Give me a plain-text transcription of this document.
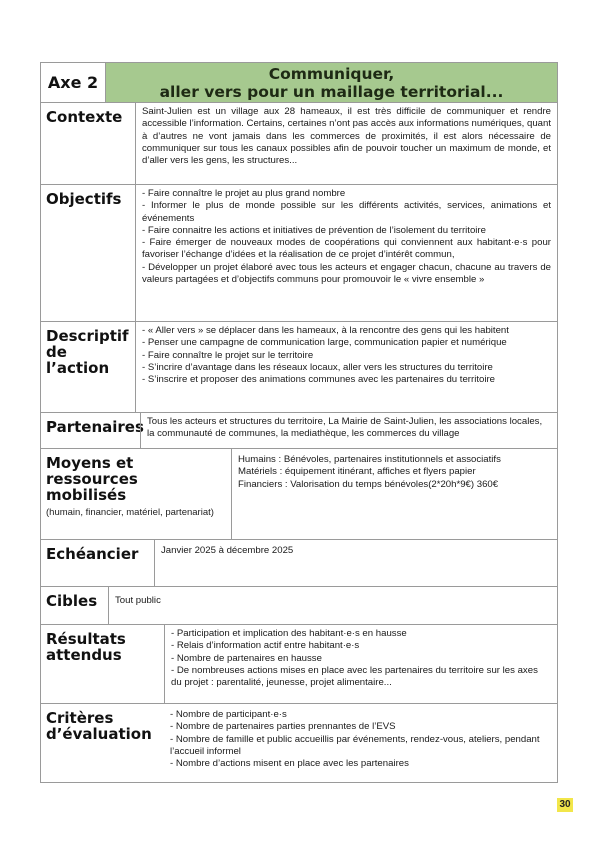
Axe 2	Communiquer,
aller vers pour un maillage territorial...
Contexte	Saint-Julien est un village aux 28 hameaux, il est très difficile de communiquer et rendre accessible l’information. Certains, certaines n’ont pas accès aux informations numériques, quant à d’autres ne vont jamais dans les commerces de proximités, il est alors nécessaire de communiquer sur tous les canaux possibles afin de pouvoir toucher un maximum de monde, et d’aller vers les gens, les structures...
Objectifs	- Faire connaître le projet au plus grand nombre
- Informer le plus de monde possible sur les différents activités, services, animations et événements
- Faire connaitre les actions et initiatives de prévention de l’isolement du territoire
- Faire émerger de nouveaux modes de coopérations qui conviennent aux habitant·e·s pour favoriser l’échange d’idées et la réalisation de ce projet d’intérêt commun,
- Développer un projet élaboré avec tous les acteurs et engager chacun, chacune au travers de valeurs partagées et d’objectifs communs pour promouvoir le « vivre ensemble »
Descriptif
de l’action
- « Aller vers » se déplacer dans les hameaux, à la rencontre des gens qui les habitent
- Penser une campagne de communication large, communication papier et numérique
- Faire connaître le projet sur le territoire
- S’incrire d’avantage dans les réseaux locaux, aller vers les structures du territoire
- S’inscrire et proposer des animations communes avec les partenaires du territoire
Partenaires Tous les acteurs et structures du territoire, La Mairie de Saint-Julien, les associations locales, la communauté de communes, la mediathèque, les commerces du village
Moyens et ressources
mobilisés
(humain, financier, matériel, partenariat)
Humains : Bénévoles, partenaires institutionnels et associatifs
Matériels : équipement itinérant, affiches et flyers papier
Financiers : Valorisation du temps bénévoles(2*20h*9€) 360€
Echéancier	Janvier 2025 à décembre 2025
Cibles	Tout public
Résultats
attendus
- Participation et implication des habitant·e·s en hausse
- Relais d’information actif entre habitant·e·s
- Nombre de partenaires en hausse
- De nombreuses actions mises en place avec les partenaires du territoire sur les axes du projet : parentalité, jeunesse, projet alimentaire...
Critères
d’évaluation
- Nombre de participant·e·s
- Nombre de partenaires parties prennantes de l’EVS
- Nombre de famille et public accueillis par événements, rendez-vous, ateliers, pendant l’accueil informel
- Nombre d’actions misent en place avec les partenaires
30
